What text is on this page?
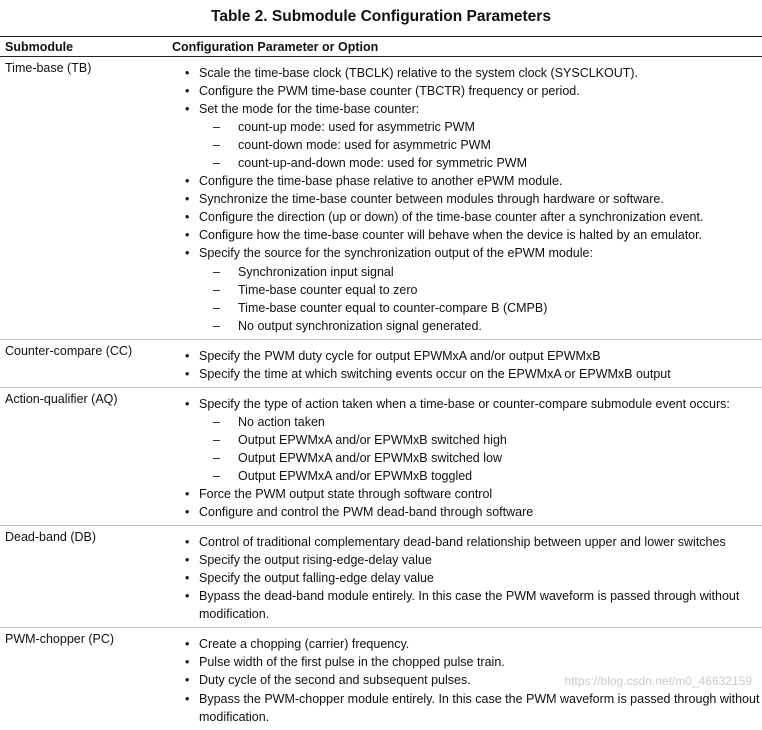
Table 2. Submodule Configuration Parameters
Submodule	Configuration Parameter or Option
Time-base (TB)	• Scale the time-base clock (TBCLK) relative to the system clock (SYSCLKOUT).
• Configure the PWM time-base counter (TBCTR) frequency or period.
• Set the mode for the time-base counter:
– count-up mode: used for asymmetric PWM
– count-down mode: used for asymmetric PWM
– count-up-and-down mode: used for symmetric PWM
• Configure the time-base phase relative to another ePWM module.
• Synchronize the time-base counter between modules through hardware or software.
• Configure the direction (up or down) of the time-base counter after a synchronization event.
• Configure how the time-base counter will behave when the device is halted by an emulator.
• Specify the source for the synchronization output of the ePWM module:
– Synchronization input signal
– Time-base counter equal to zero
– Time-base counter equal to counter-compare B (CMPB)
– No output synchronization signal generated.
Counter-compare (CC)	• Specify the PWM duty cycle for output EPWMxA and/or output EPWMxB
• Specify the time at which switching events occur on the EPWMxA or EPWMxB output
Action-qualifier (AQ)	• Specify the type of action taken when a time-base or counter-compare submodule event occurs:
– No action taken
– Output EPWMxA and/or EPWMxB switched high
– Output EPWMxA and/or EPWMxB switched low
– Output EPWMxA and/or EPWMxB toggled
• Force the PWM output state through software control
• Configure and control the PWM dead-band through software
Dead-band (DB)	• Control of traditional complementary dead-band relationship between upper and lower switches
• Specify the output rising-edge-delay value
• Specify the output falling-edge delay value
• Bypass the dead-band module entirely. In this case the PWM waveform is passed through without modification.
PWM-chopper (PC)	• Create a chopping (carrier) frequency.
• Pulse width of the first pulse in the chopped pulse train.
• Duty cycle of the second and subsequent pulses.
• Bypass the PWM-chopper module entirely. In this case the PWM waveform is passed through without modification.
https://blog.csdn.net/m0_46632159
